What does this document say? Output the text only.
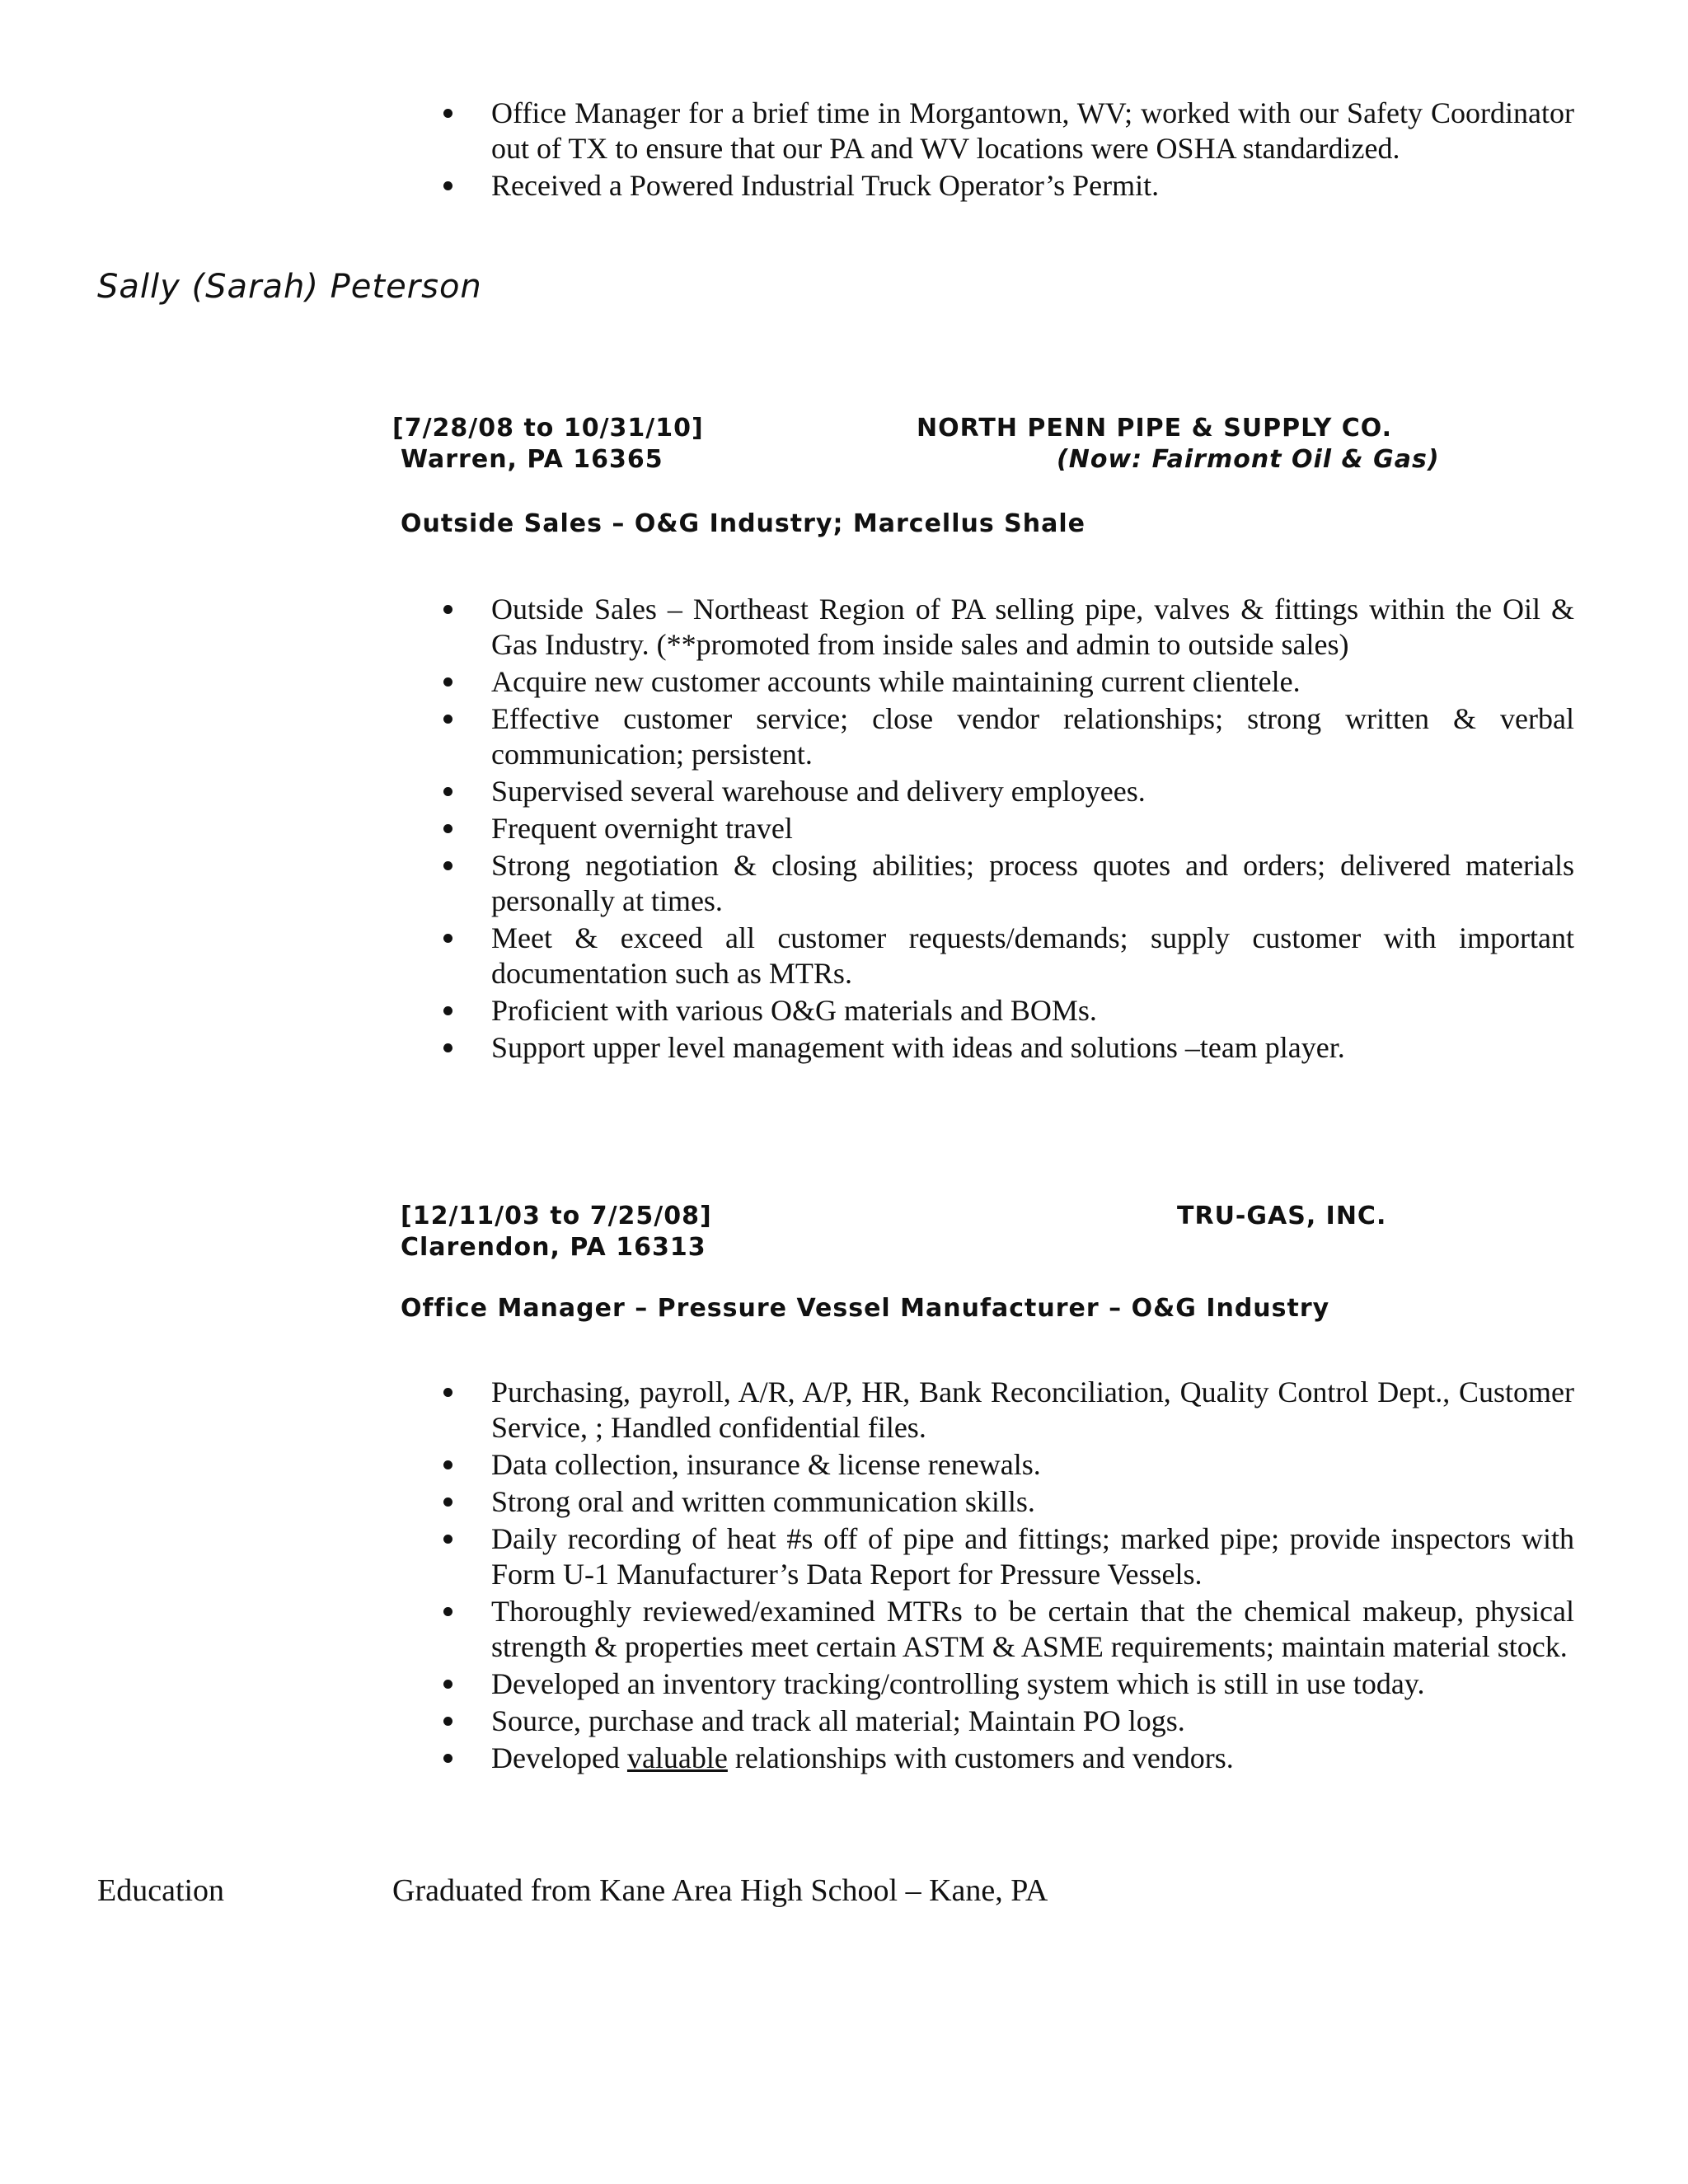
Office Manager for a brief time in Morgantown, WV; worked with our Safety Coordinator out of TX to ensure that our PA and WV locations were OSHA standardized.
Received a Powered Industrial Truck Operator’s Permit.
Sally (Sarah) Peterson
[7/28/08 to 10/31/10]
Warren, PA 16365
NORTH PENN PIPE & SUPPLY CO.
(Now: Fairmont Oil & Gas)
Outside Sales – O&G Industry; Marcellus Shale
Outside Sales – Northeast Region of PA selling pipe, valves & fittings within the Oil & Gas Industry. (**promoted from inside sales and admin to outside sales)
Acquire new customer accounts while maintaining current clientele.
Effective customer service; close vendor relationships; strong written & verbal communication; persistent.
Supervised several warehouse and delivery employees.
Frequent overnight travel
Strong negotiation & closing abilities; process quotes and orders; delivered materials personally at times.
Meet & exceed all customer requests/demands; supply customer with important documentation such as MTRs.
Proficient with various O&G materials and BOMs.
Support upper level management with ideas and solutions –team player.
[12/11/03 to 7/25/08]
Clarendon, PA 16313
TRU-GAS, INC.
Office Manager – Pressure Vessel Manufacturer – O&G Industry
Purchasing, payroll, A/R, A/P, HR, Bank Reconciliation, Quality Control Dept., Customer Service, ; Handled confidential files.
Data collection, insurance & license renewals.
Strong oral and written communication skills.
Daily recording of heat #s off of pipe and fittings; marked pipe; provide inspectors with Form U-1 Manufacturer’s Data Report for Pressure Vessels.
Thoroughly reviewed/examined MTRs to be certain that the chemical makeup, physical strength & properties meet certain ASTM & ASME requirements; maintain material stock.
Developed an inventory tracking/controlling system which is still in use today.
Source, purchase and track all material; Maintain PO logs.
Developed valuable relationships with customers and vendors.
Education	Graduated from Kane Area High School – Kane, PA
